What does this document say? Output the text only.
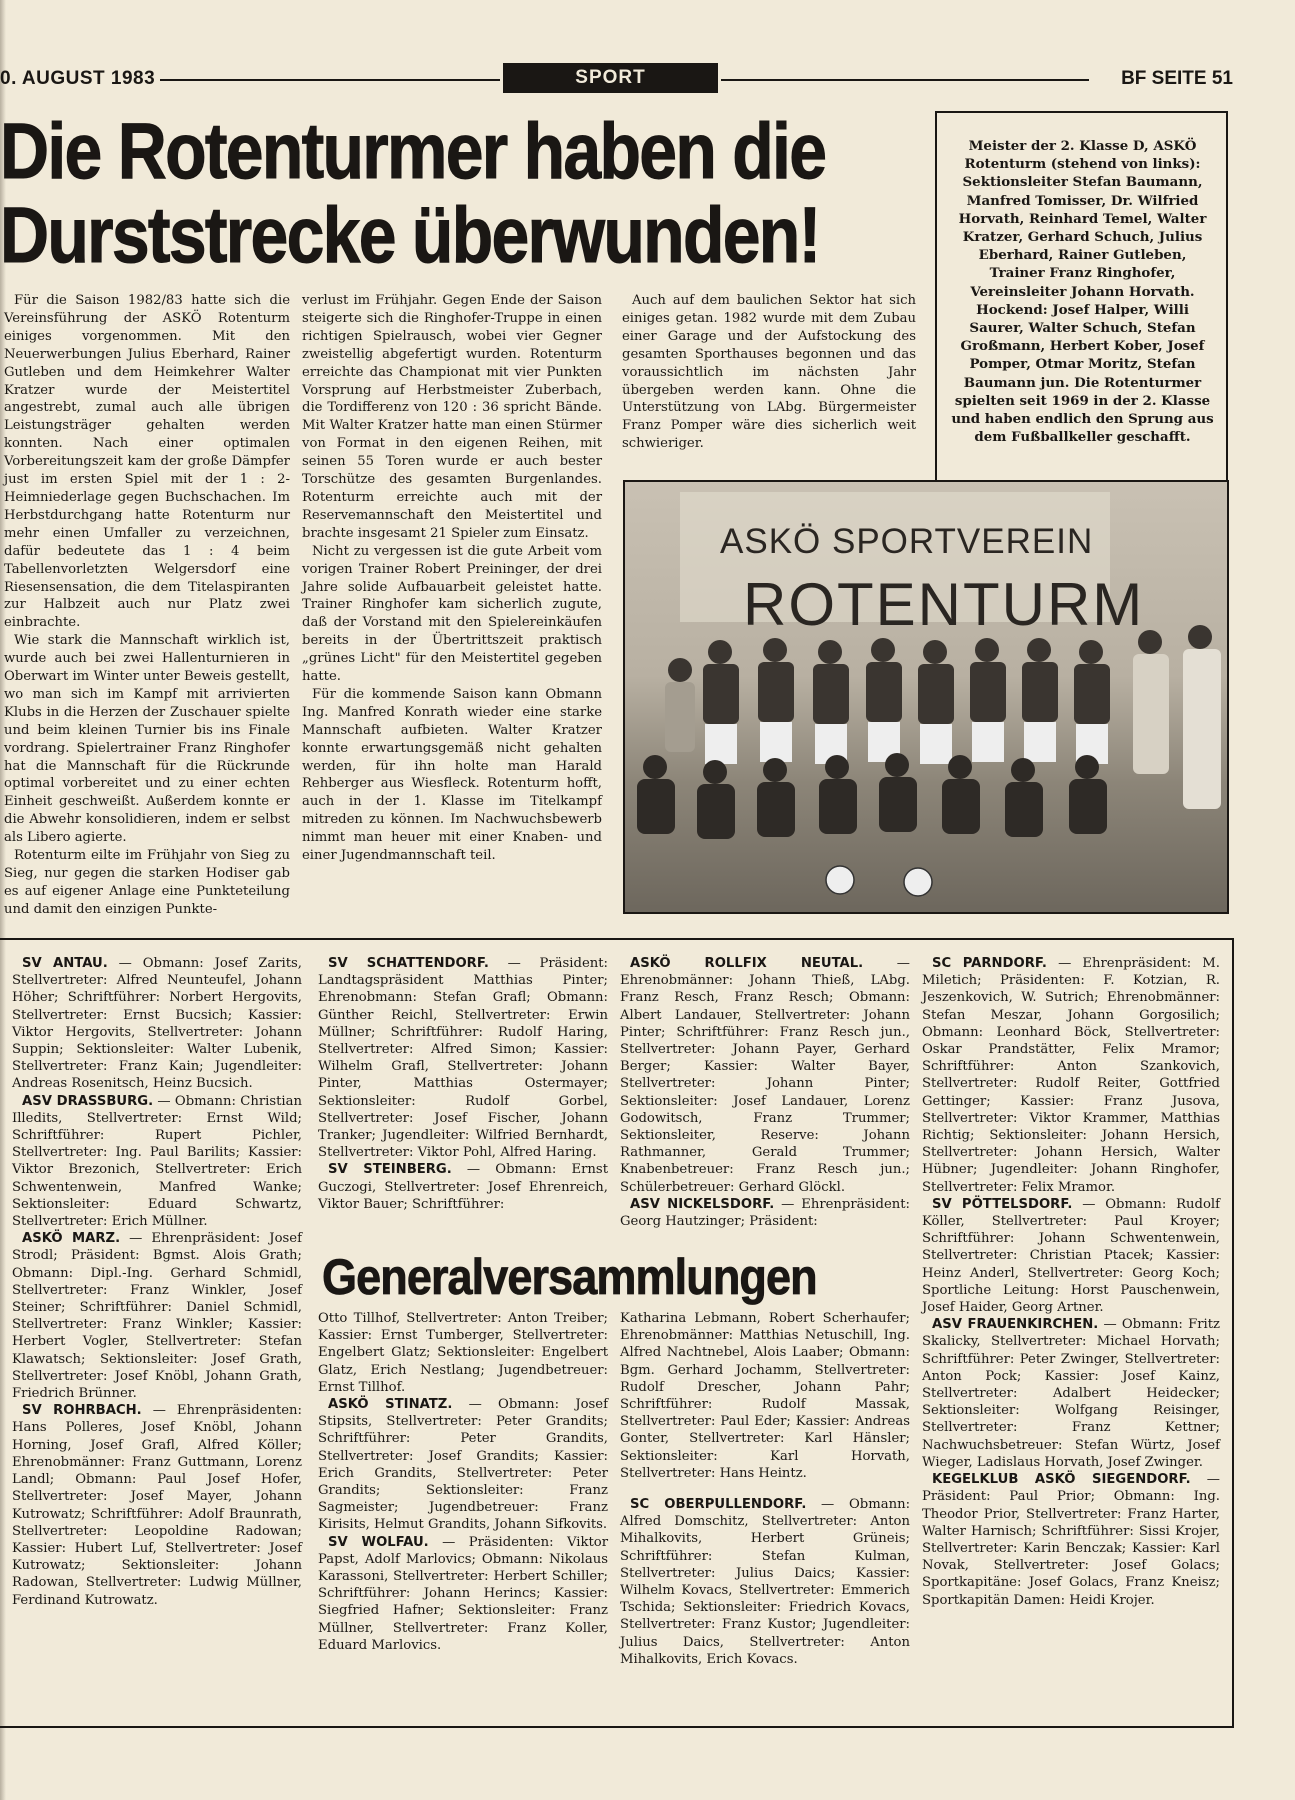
0. AUGUST 1983	SPORT	BF SEITE 51
Die Rotenturmer haben die
Durststrecke überwunden!

Meister der 2. Klasse D, ASKÖ Rotenturm (stehend von links): Sektionsleiter Stefan Baumann, Manfred Tomisser, Dr. Wilfried Horvath, Reinhard Temel, Walter Kratzer, Gerhard Schuch, Julius Eberhard, Rainer Gutleben, Trainer Franz Ringhofer, Vereinsleiter Johann Horvath. Hockend: Josef Halper, Willi Saurer, Walter Schuch, Stefan Großmann, Herbert Kober, Josef Pomper, Otmar Moritz, Stefan Baumann jun. Die Rotenturmer spielten seit 1969 in der 2. Klasse und haben endlich den Sprung aus dem Fußballkeller geschafft.

Für die Saison 1982/83 hatte sich die Vereinsführung der ASKÖ Rotenturm einiges vorgenommen. Mit den Neuerwerbungen Julius Eberhard, Rainer Gutleben und dem Heimkehrer Walter Kratzer wurde der Meistertitel angestrebt, zumal auch alle übrigen Leistungsträger gehalten werden konnten. Nach einer optimalen Vorbereitungszeit kam der große Dämpfer just im ersten Spiel mit der 1 : 2-Heimniederlage gegen Buchschachen. Im Herbstdurchgang hatte Rotenturm nur mehr einen Umfaller zu verzeichnen, dafür bedeutete das 1 : 4 beim Tabellenvorletzten Welgersdorf eine Riesensensation, die dem Titelaspiranten zur Halbzeit auch nur Platz zwei einbrachte.

Wie stark die Mannschaft wirklich ist, wurde auch bei zwei Hallenturnieren in Oberwart im Winter unter Beweis gestellt, wo man sich im Kampf mit arrivierten Klubs in die Herzen der Zuschauer spielte und beim kleinen Turnier bis ins Finale vordrang. Spielertrainer Franz Ringhofer hat die Mannschaft für die Rückrunde optimal vorbereitet und zu einer echten Einheit geschweißt. Außerdem konnte er die Abwehr konsolidieren, indem er selbst als Libero agierte.

Rotenturm eilte im Frühjahr von Sieg zu Sieg, nur gegen die starken Hodiser gab es auf eigener Anlage eine Punkteteilung und damit den einzigen Punkte-

verlust im Frühjahr. Gegen Ende der Saison steigerte sich die Ringhofer-Truppe in einen richtigen Spielrausch, wobei vier Gegner zweistellig abgefertigt wurden. Rotenturm erreichte das Championat mit vier Punkten Vorsprung auf Herbstmeister Zuberbach, die Tordifferenz von 120 : 36 spricht Bände. Mit Walter Kratzer hatte man einen Stürmer von Format in den eigenen Reihen, mit seinen 55 Toren wurde er auch bester Torschütze des gesamten Burgenlandes. Rotenturm erreichte auch mit der Reservemannschaft den Meistertitel und brachte insgesamt 21 Spieler zum Einsatz.

Nicht zu vergessen ist die gute Arbeit vom vorigen Trainer Robert Preininger, der drei Jahre solide Aufbauarbeit geleistet hatte. Trainer Ringhofer kam sicherlich zugute, daß der Vorstand mit den Spielereinkäufen bereits in der Übertrittszeit praktisch „grünes Licht" für den Meistertitel gegeben hatte.

Für die kommende Saison kann Obmann Ing. Manfred Konrath wieder eine starke Mannschaft aufbieten. Walter Kratzer konnte erwartungsgemäß nicht gehalten werden, für ihn holte man Harald Rehberger aus Wiesfleck. Rotenturm hofft, auch in der 1. Klasse im Titelkampf mitreden zu können. Im Nachwuchsbewerb nimmt man heuer mit einer Knaben- und einer Jugendmannschaft teil.

Auch auf dem baulichen Sektor hat sich einiges getan. 1982 wurde mit dem Zubau einer Garage und der Aufstockung des gesamten Sporthauses begonnen und das voraussichtlich im nächsten Jahr übergeben werden kann. Ohne die Unterstützung von LAbg. Bürgermeister Franz Pomper wäre dies sicherlich weit schwieriger.

ASKÖ SPORTVEREIN
ROTENTURM

SV ANTAU. — Obmann: Josef Zarits, Stellvertreter: Alfred Neunteufel, Johann Höher; Schriftführer: Norbert Hergovits, Stellvertreter: Ernst Bucsich; Kassier: Viktor Hergovits, Stellvertreter: Johann Suppin; Sektionsleiter: Walter Lubenik, Stellvertreter: Franz Kain; Jugendleiter: Andreas Rosenitsch, Heinz Bucsich.

ASV DRASSBURG. — Obmann: Christian Illedits, Stellvertreter: Ernst Wild; Schriftführer: Rupert Pichler, Stellvertreter: Ing. Paul Barilits; Kassier: Viktor Brezonich, Stellvertreter: Erich Schwentenwein, Manfred Wanke; Sektionsleiter: Eduard Schwartz, Stellvertreter: Erich Müllner.

ASKÖ MARZ. — Ehrenpräsident: Josef Strodl; Präsident: Bgmst. Alois Grath; Obmann: Dipl.-Ing. Gerhard Schmidl, Stellvertreter: Franz Winkler, Josef Steiner; Schriftführer: Daniel Schmidl, Stellvertreter: Franz Winkler; Kassier: Herbert Vogler, Stellvertreter: Stefan Klawatsch; Sektionsleiter: Josef Grath, Stellvertreter: Josef Knöbl, Johann Grath, Friedrich Brünner.

SV ROHRBACH. — Ehrenpräsidenten: Hans Polleres, Josef Knöbl, Johann Horning, Josef Grafl, Alfred Köller; Ehrenobmänner: Franz Guttmann, Lorenz Landl; Obmann: Paul Josef Hofer, Stellvertreter: Josef Mayer, Johann Kutrowatz; Schriftführer: Adolf Braunrath, Stellvertreter: Leopoldine Radowan; Kassier: Hubert Luf, Stellvertreter: Josef Kutrowatz; Sektionsleiter: Johann Radowan, Stellvertreter: Ludwig Müllner, Ferdinand Kutrowatz.

SV SCHATTENDORF. — Präsident: Landtagspräsident Matthias Pinter; Ehrenobmann: Stefan Grafl; Obmann: Günther Reichl, Stellvertreter: Erwin Müllner; Schriftführer: Rudolf Haring, Stellvertreter: Alfred Simon; Kassier: Wilhelm Grafl, Stellvertreter: Johann Pinter, Matthias Ostermayer; Sektionsleiter: Rudolf Gorbel, Stellvertreter: Josef Fischer, Johann Tranker; Jugendleiter: Wilfried Bernhardt, Stellvertreter: Viktor Pohl, Alfred Haring.

SV STEINBERG. — Obmann: Ernst Guczogi, Stellvertreter: Josef Ehrenreich, Viktor Bauer; Schriftführer:

ASKÖ ROLLFIX NEUTAL. — Ehrenobmänner: Johann Thieß, LAbg. Franz Resch, Franz Resch; Obmann: Albert Landauer, Stellvertreter: Johann Pinter; Schriftführer: Franz Resch jun., Stellvertreter: Johann Payer, Gerhard Berger; Kassier: Walter Bayer, Stellvertreter: Johann Pinter; Sektionsleiter: Josef Landauer, Lorenz Godowitsch, Franz Trummer; Sektionsleiter, Reserve: Johann Rathmanner, Gerald Trummer; Knabenbetreuer: Franz Resch jun.; Schülerbetreuer: Gerhard Glöckl.

ASV NICKELSDORF. — Ehrenpräsident: Georg Hautzinger; Präsident:

Generalversammlungen

Otto Tillhof, Stellvertreter: Anton Treiber; Kassier: Ernst Tumberger, Stellvertreter: Engelbert Glatz; Sektionsleiter: Engelbert Glatz, Erich Nestlang; Jugendbetreuer: Ernst Tillhof.

ASKÖ STINATZ. — Obmann: Josef Stipsits, Stellvertreter: Peter Grandits; Schriftführer: Peter Grandits, Stellvertreter: Josef Grandits; Kassier: Erich Grandits, Stellvertreter: Peter Grandits; Sektionsleiter: Franz Sagmeister; Jugendbetreuer: Franz Kirisits, Helmut Grandits, Johann Sifkovits.

SV WOLFAU. — Präsidenten: Viktor Papst, Adolf Marlovics; Obmann: Nikolaus Karassoni, Stellvertreter: Herbert Schiller; Schriftführer: Johann Herincs; Kassier: Siegfried Hafner; Sektionsleiter: Franz Müllner, Stellvertreter: Franz Koller, Eduard Marlovics.

Katharina Lebmann, Robert Scherhaufer; Ehrenobmänner: Matthias Netuschill, Ing. Alfred Nachtnebel, Alois Laaber; Obmann: Bgm. Gerhard Jochamm, Stellvertreter: Rudolf Drescher, Johann Pahr; Schriftführer: Rudolf Massak, Stellvertreter: Paul Eder; Kassier: Andreas Gonter, Stellvertreter: Karl Hänsler; Sektionsleiter: Karl Horvath, Stellvertreter: Hans Heintz.

SC OBERPULLENDORF. — Obmann: Alfred Domschitz, Stellvertreter: Anton Mihalkovits, Herbert Grüneis; Schriftführer: Stefan Kulman, Stellvertreter: Julius Daics; Kassier: Wilhelm Kovacs, Stellvertreter: Emmerich Tschida; Sektionsleiter: Friedrich Kovacs, Stellvertreter: Franz Kustor; Jugendleiter: Julius Daics, Stellvertreter: Anton Mihalkovits, Erich Kovacs.

SC PARNDORF. — Ehrenpräsident: M. Miletich; Präsidenten: F. Kotzian, R. Jeszenkovich, W. Sutrich; Ehrenobmänner: Stefan Meszar, Johann Gorgosilich; Obmann: Leonhard Böck, Stellvertreter: Oskar Prandstätter, Felix Mramor; Schriftführer: Anton Szankovich, Stellvertreter: Rudolf Reiter, Gottfried Gettinger; Kassier: Franz Jusova, Stellvertreter: Viktor Krammer, Matthias Richtig; Sektionsleiter: Johann Hersich, Stellvertreter: Johann Hersich, Walter Hübner; Jugendleiter: Johann Ringhofer, Stellvertreter: Felix Mramor.

SV PÖTTELSDORF. — Obmann: Rudolf Köller, Stellvertreter: Paul Kroyer; Schriftführer: Johann Schwentenwein, Stellvertreter: Christian Ptacek; Kassier: Heinz Anderl, Stellvertreter: Georg Koch; Sportliche Leitung: Horst Pauschenwein, Josef Haider, Georg Artner.

ASV FRAUENKIRCHEN. — Obmann: Fritz Skalicky, Stellvertreter: Michael Horvath; Schriftführer: Peter Zwinger, Stellvertreter: Anton Pock; Kassier: Josef Kainz, Stellvertreter: Adalbert Heidecker; Sektionsleiter: Wolfgang Reisinger, Stellvertreter: Franz Kettner; Nachwuchsbetreuer: Stefan Würtz, Josef Wieger, Ladislaus Horvath, Josef Zwinger.

KEGELKLUB ASKÖ SIEGENDORF. — Präsident: Paul Prior; Obmann: Ing. Theodor Prior, Stellvertreter: Franz Harter, Walter Harnisch; Schriftführer: Sissi Krojer, Stellvertreter: Karin Benczak; Kassier: Karl Novak, Stellvertreter: Josef Golacs; Sportkapitäne: Josef Golacs, Franz Kneisz; Sportkapitän Damen: Heidi Krojer.
